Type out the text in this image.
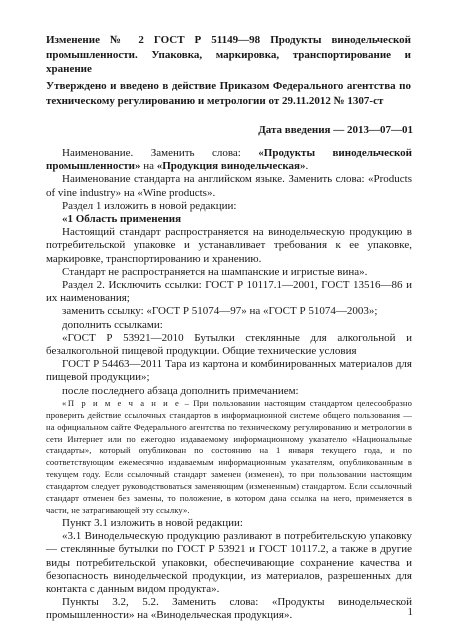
Изменение № 2 ГОСТ Р 51149—98 Продукты винодельческой промышленности. Упаковка, маркировка, транспортирование и хранение
Утверждено и введено в действие Приказом Федерального агентства по техническому регулированию и метрологии от 29.11.2012 № 1307-ст
Дата введения — 2013—07—01

Наименование. Заменить слова: «Продукты винодельческой промышленности» на «Продукция винодельческая».

Наименование стандарта на английском языке. Заменить слова: «Products of vine industry» на «Wine products».

Раздел 1 изложить в новой редакции:

«1 Область применения

Настоящий стандарт распространяется на винодельческую продукцию в потребительской упаковке и устанавливает требования к ее упаковке, маркировке, транспортированию и хранению.

Стандарт не распространяется на шампанские и игристые вина».

Раздел 2. Исключить ссылки: ГОСТ Р 10117.1—2001, ГОСТ 13516—86 и их наименования;

заменить ссылку: «ГОСТ Р 51074—97» на «ГОСТ Р 51074—2003»;

дополнить ссылками:

«ГОСТ Р 53921—2010 Бутылки стеклянные для алкогольной и безалкогольной пищевой продукции. Общие технические условия

ГОСТ Р 54463—2011 Тара из картона и комбинированных материалов для пищевой продукции»;

после последнего абзаца дополнить примечанием:

«П р и м е ч а н и е – При пользовании настоящим стандартом целесообразно проверить действие ссылочных стандартов в информационной системе общего пользования — на официальном сайте Федерального агентства по техническому регулированию и метрологии в сети Интернет или по ежегодно издаваемому информационному указателю «Национальные стандарты», который опубликован по состоянию на 1 января текущего года, и по соответствующим ежемесячно издаваемым информационным указателям, опубликованным в текущем году. Если ссылочный стандарт заменен (изменен), то при пользовании настоящим стандартом следует руководствоваться заменяющим (измененным) стандартом. Если ссылочный стандарт отменен без замены, то положение, в котором дана ссылка на него, применяется в части, не затрагивающей эту ссылку».

Пункт 3.1 изложить в новой редакции:

«3.1 Винодельческую продукцию разливают в потребительскую упаковку — стеклянные бутылки по ГОСТ Р 53921 и ГОСТ 10117.2, а также в другие виды потребительской упаковки, обеспечивающие сохранение качества и безопасность винодельческой продукции, из материалов, разрешенных для контакта с данным видом продукта».

Пункты 3.2, 5.2. Заменить слова: «Продукты винодельческой промышленности» на «Винодельческая продукция».	1
